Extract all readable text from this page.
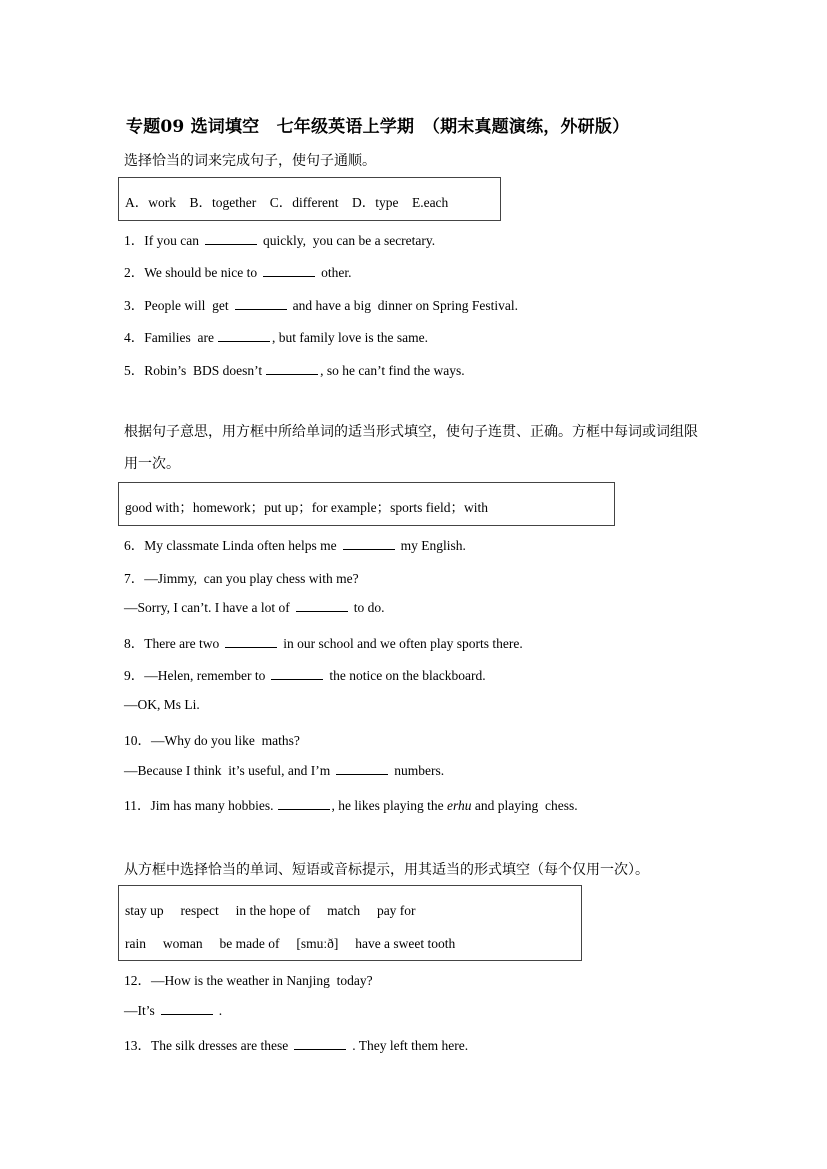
专题09 选词填空　七年级英语上学期　（期末真题演练，外研版）
选择恰当的词来完成句子，使句子通顺。
A．work　B．together　C．different　D．type　E.each
1．If you can	quickly,  you can be a secretary.
2．We should be nice to	other.
3．People will  get	and have a big  dinner on Spring Festival.
4．Families  are	, but family love is the same.
5．Robin’s  BDS doesn’t	, so he can’t find the ways.
根据句子意思，用方框中所给单词的适当形式填空，使句子连贯、正确。方框中每词或词组限用一次。
good with；homework；put up；for example；sports field；with
6．My classmate Linda often helps me	my English.
7．—Jimmy,  can you play chess with me?
—Sorry, I can’t. I have a lot of	to do.
8．There are two	in our school and we often play sports there.
9．—Helen, remember to	the notice on the blackboard.
—OK, Ms Li.
10．—Why do you like  maths?
—Because I think  it’s useful, and I’m	numbers.
11．Jim has many hobbies.	, he likes playing the erhu and playing  chess.
从方框中选择恰当的单词、短语或音标提示，用其适当的形式填空（每个仅用一次）。
stay up　 respect　 in the hope of　 match　 pay for
rain　 woman　 be made of　 [smuːð]　 have a sweet tooth
12．—How is the weather in Nanjing  today?
—It’s	.
13．The silk dresses are these	. They left them here.
